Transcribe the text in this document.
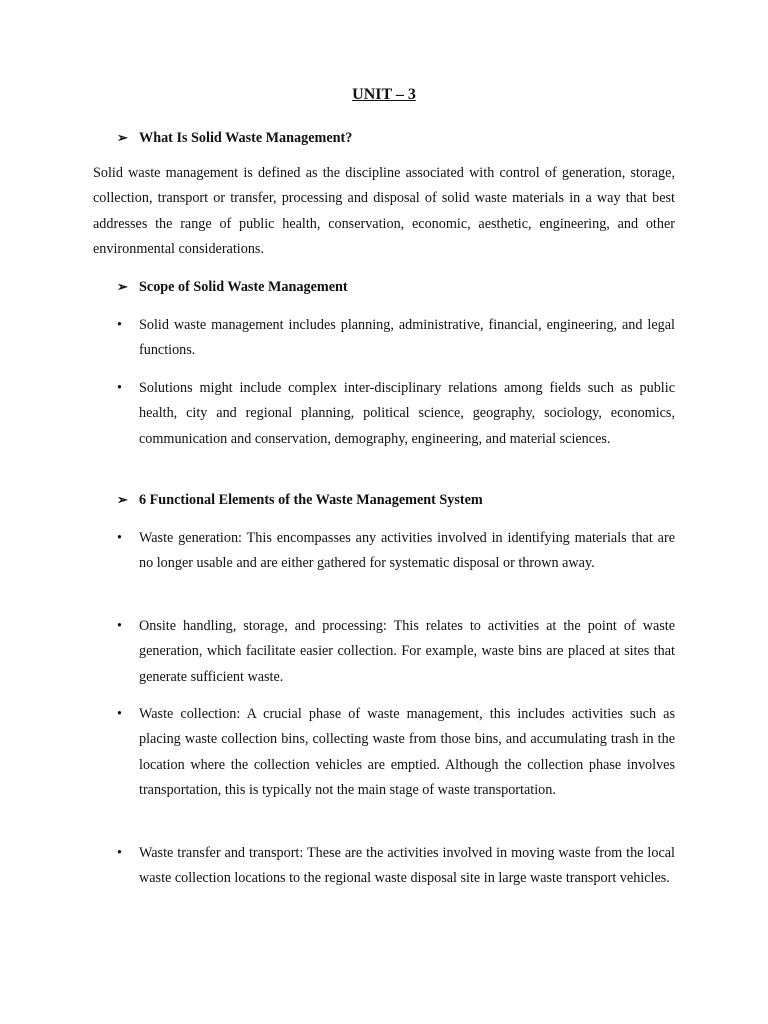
UNIT – 3
➢ What Is Solid Waste Management?
Solid waste management is defined as the discipline associated with control of generation, storage, collection, transport or transfer, processing and disposal of solid waste materials in a way that best addresses the range of public health, conservation, economic, aesthetic, engineering, and other environmental considerations.
➢ Scope of Solid Waste Management
•	Solid waste management includes planning, administrative, financial, engineering, and legal functions.
•	Solutions might include complex inter-disciplinary relations among fields such as public health, city and regional planning, political science, geography, sociology, economics, communication and conservation, demography, engineering, and material sciences.
➢ 6 Functional Elements of the Waste Management System
•	Waste generation: This encompasses any activities involved in identifying materials that are no longer usable and are either gathered for systematic disposal or thrown away.
•	Onsite handling, storage, and processing: This relates to activities at the point of waste generation, which facilitate easier collection. For example, waste bins are placed at sites that generate sufficient waste.
•	Waste collection: A crucial phase of waste management, this includes activities such as placing waste collection bins, collecting waste from those bins, and accumulating trash in the location where the collection vehicles are emptied. Although the collection phase involves transportation, this is typically not the main stage of waste transportation.
•	Waste transfer and transport: These are the activities involved in moving waste from the local waste collection locations to the regional waste disposal site in large waste transport vehicles.
